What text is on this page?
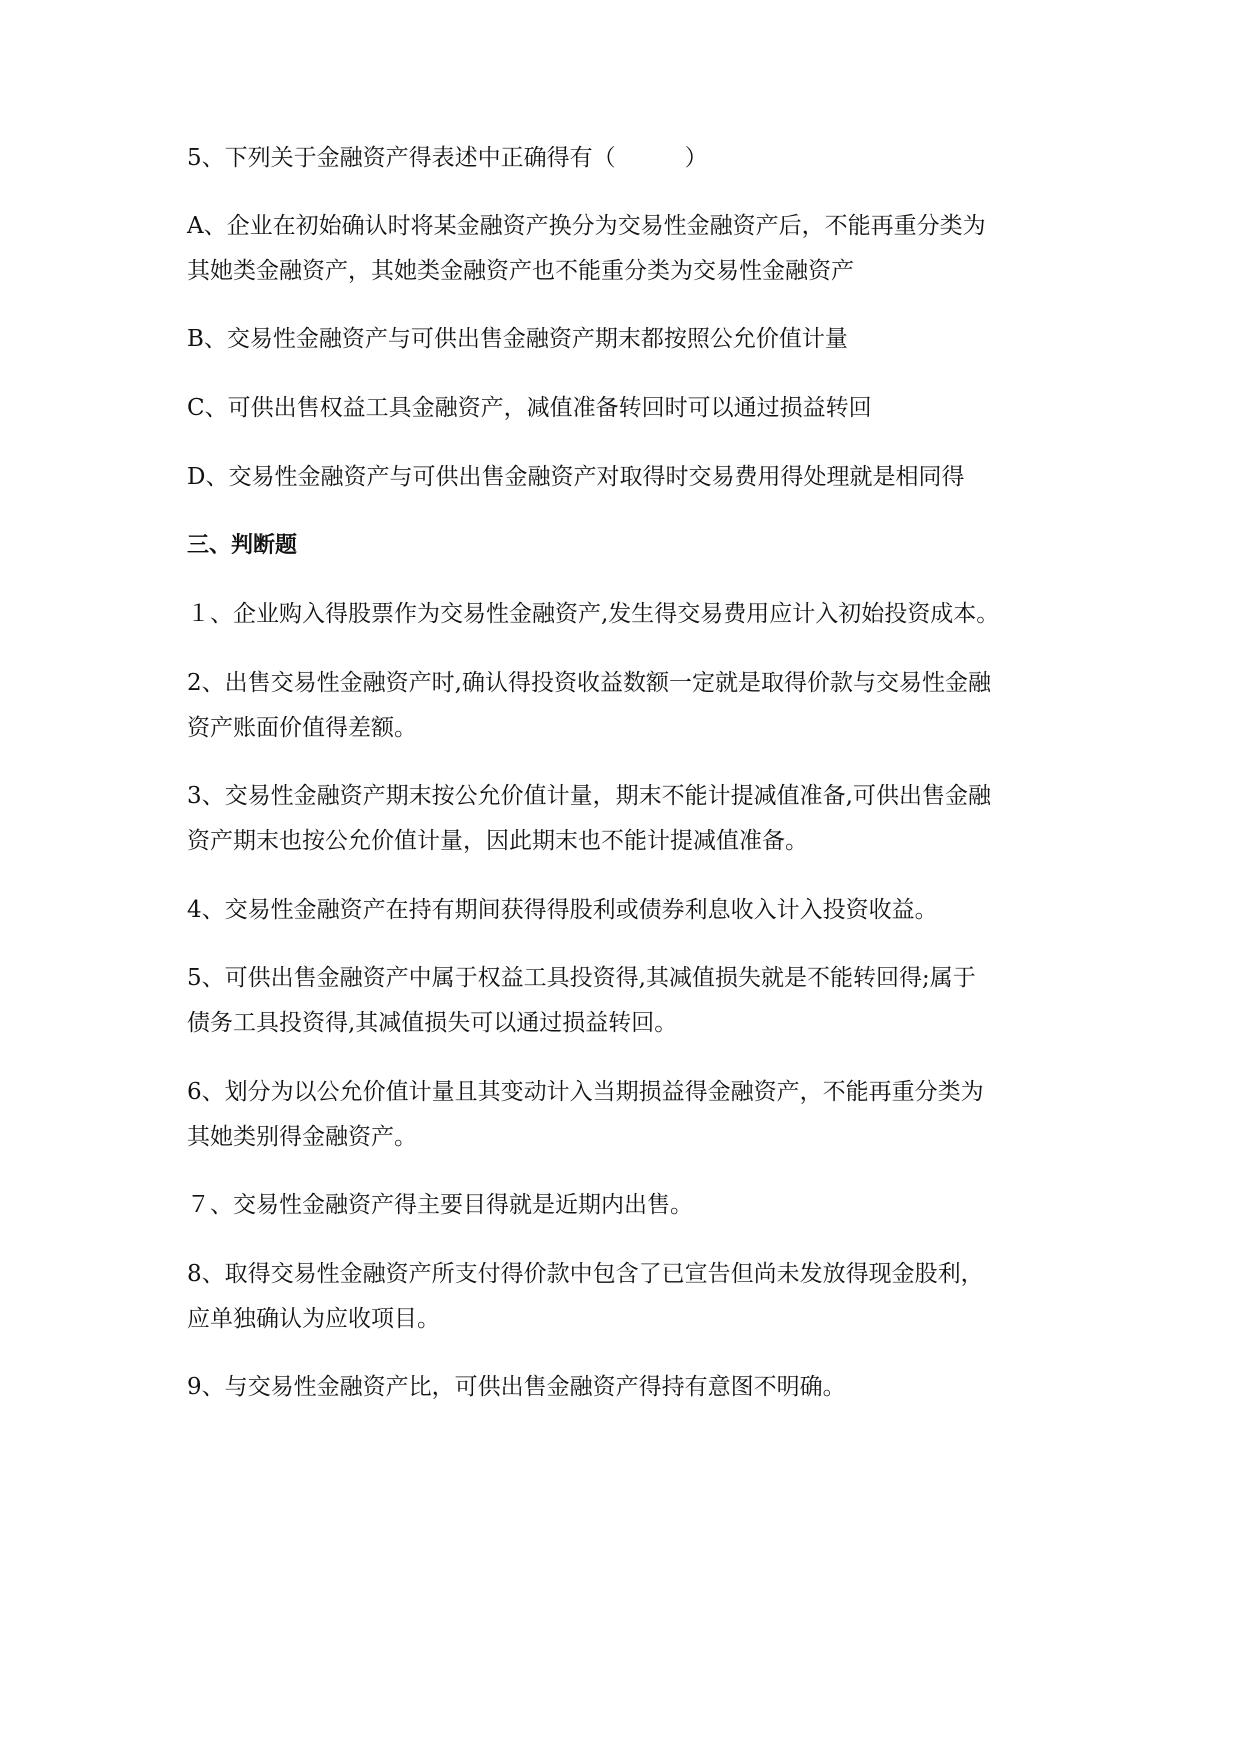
5、下列关于金融资产得表述中正确得有（　　　）
A、企业在初始确认时将某金融资产换分为交易性金融资产后，不能再重分类为
其她类金融资产，其她类金融资产也不能重分类为交易性金融资产
B、交易性金融资产与可供出售金融资产期末都按照公允价值计量
C、可供出售权益工具金融资产，减值准备转回时可以通过损益转回
D、交易性金融资产与可供出售金融资产对取得时交易费用得处理就是相同得
三、判断题
１、企业购入得股票作为交易性金融资产,发生得交易费用应计入初始投资成本。
2、出售交易性金融资产时,确认得投资收益数额一定就是取得价款与交易性金融
资产账面价值得差额。
3、交易性金融资产期末按公允价值计量，期末不能计提减值准备,可供出售金融
资产期末也按公允价值计量，因此期末也不能计提减值准备。
4、交易性金融资产在持有期间获得得股利或债券利息收入计入投资收益。
5、可供出售金融资产中属于权益工具投资得,其减值损失就是不能转回得;属于
债务工具投资得,其减值损失可以通过损益转回。
6、划分为以公允价值计量且其变动计入当期损益得金融资产，不能再重分类为
其她类别得金融资产。
７、交易性金融资产得主要目得就是近期内出售。
8、取得交易性金融资产所支付得价款中包含了已宣告但尚未发放得现金股利，
应单独确认为应收项目。
9、与交易性金融资产比，可供出售金融资产得持有意图不明确。
